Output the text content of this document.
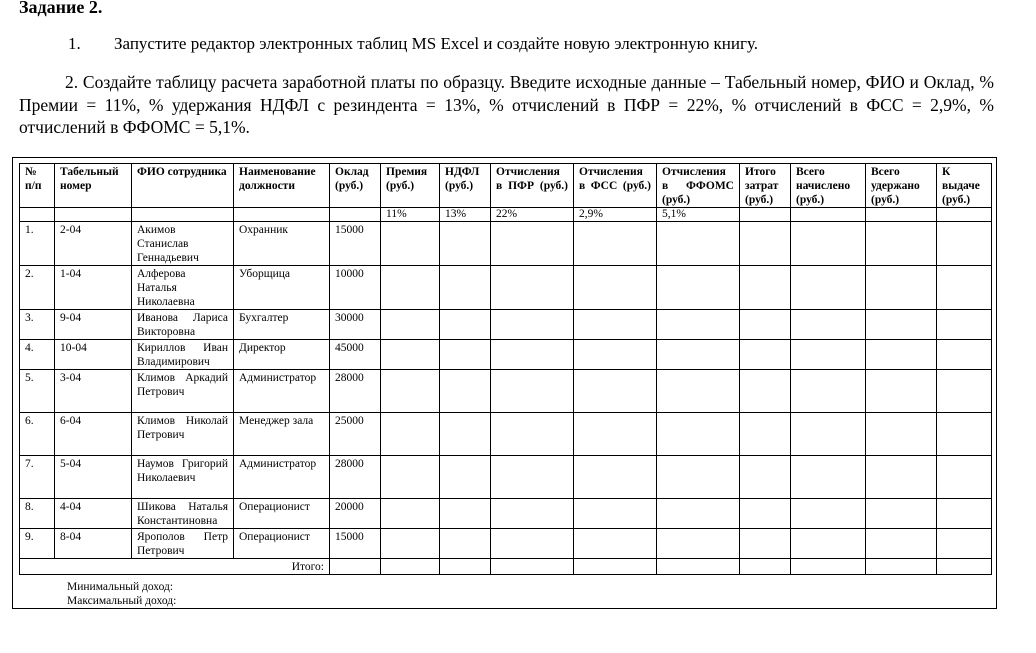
Задание 2.
1. Запустите редактор электронных таблиц MS Excel и создайте новую электронную книгу.

2. Создайте таблицу расчета заработной платы по образцу. Введите исходные данные – Табельный номер, ФИО и Оклад, % Премии = 11%, % удержания НДФЛ с резиндента = 13%, % отчислений в ПФР = 22%, % отчислений в ФСС = 2,9%, % отчислений в ФФОМС = 5,1%.

№ п/п	Табельный номер	ФИО сотрудника	Наименование должности	Оклад (руб.)	Премия (руб.)	НДФЛ (руб.)	Отчисления в ПФР (руб.)	Отчисления в ФСС (руб.)	Отчисления в ФФОМС (руб.)	Итого затрат (руб.)	Всего начислено (руб.)	Всего удержано (руб.)	К выдаче (руб.)
					11%	13%	22%	2,9%	5,1%				
1.	2-04	Акимов Станислав Геннадьевич	Охранник	15000									
2.	1-04	Алферова Наталья Николаевна	Уборщица	10000									
3.	9-04	Иванова Лариса Викторовна	Бухгалтер	30000									
4.	10-04	Кириллов Иван Владимирович	Директор	45000									
5.	3-04	Климов Аркадий Петрович	Администратор	28000									
6.	6-04	Климов Николай Петрович	Менеджер зала	25000									
7.	5-04	Наумов Григорий Николаевич	Администратор	28000									
8.	4-04	Шикова Наталья Константиновна	Операционист	20000									
9.	8-04	Ярополов Петр Петрович	Операционист	15000									
Итого:													
Минимальный доход:
Максимальный доход:
